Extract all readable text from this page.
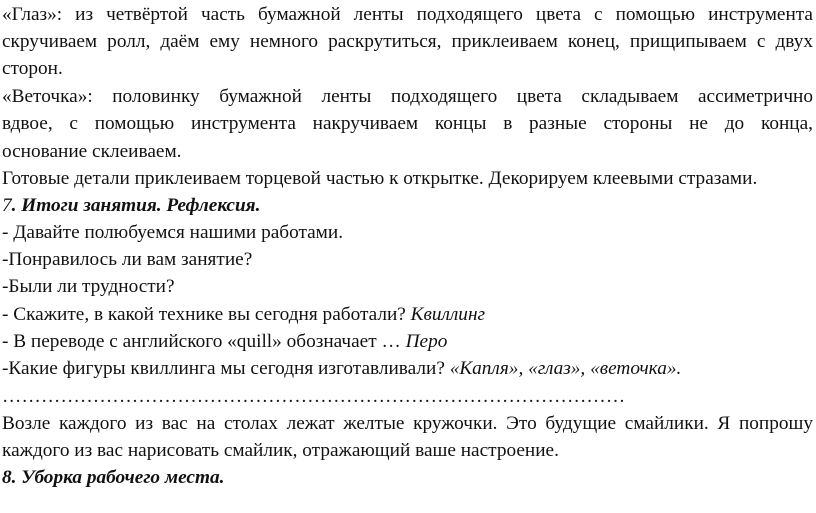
«Глаз»: из четвёртой часть бумажной ленты подходящего цвета с помощью инструмента
скручиваем ролл, даём ему немного раскрутиться, приклеиваем конец, прищипываем с двух
сторон.
«Веточка»: половинку бумажной ленты подходящего цвета складываем ассиметрично
вдвое, с помощью инструмента накручиваем концы в разные стороны не до конца,
основание склеиваем.
Готовые детали приклеиваем торцевой частью к открытке. Декорируем клеевыми стразами.
7. Итоги занятия. Рефлексия.
- Давайте полюбуемся нашими работами.
-Понравилось ли вам занятие?
-Были ли трудности?
- Скажите, в какой технике вы сегодня работали? Квиллинг
- В переводе с английского «quill» обозначает … Перо
-Какие фигуры квиллинга мы сегодня изготавливали? «Капля», «глаз», «веточка».
……………………………………………………………………………………
Возле каждого из вас на столах лежат желтые кружочки. Это будущие смайлики. Я попрошу
каждого из вас нарисовать смайлик, отражающий ваше настроение.
8. Уборка рабочего места.
